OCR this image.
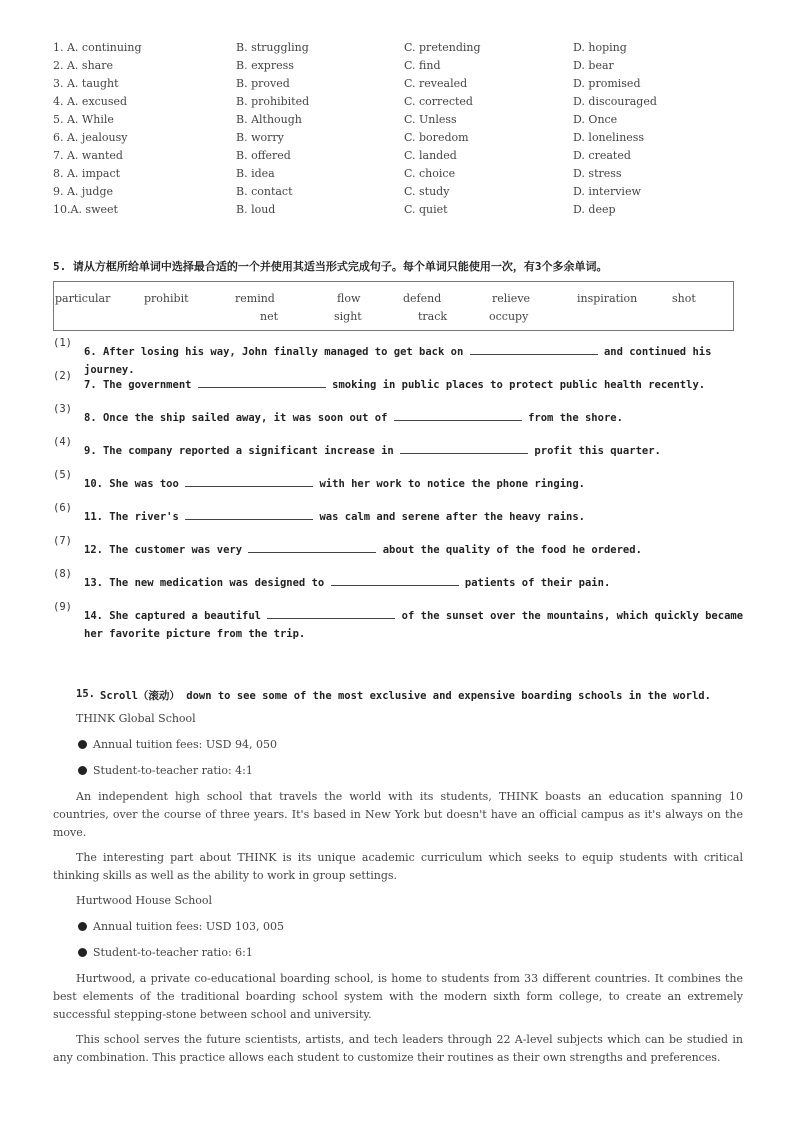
1. A. continuing	B. struggling	C. pretending	D. hoping
2. A. share	B. express	C. find	D. bear
3. A. taught	B. proved	C. revealed	D. promised
4. A. excused	B. prohibited	C. corrected	D. discouraged
5. A. While	B. Although	C. Unless	D. Once
6. A. jealousy	B. worry	C. boredom	D. loneliness
7. A. wanted	B. offered	C. landed	D. created
8. A. impact	B. idea	C. choice	D. stress
9. A. judge	B. contact	C. study	D. interview
10.A. sweet	B. loud	C. quiet	D. deep
5. 请从方框所给单词中选择最合适的一个并使用其适当形式完成句子。每个单词只能使用一次，有3个多余单词。
particular	prohibit	remind	flow	defend	relieve	inspiration	shot
net	sight	track	occupy
(1)
6. After losing his way, John finally managed to get back on	and continued his journey.
(2)
7. The government	smoking in public places to protect public health recently.
(3)
8. Once the ship sailed away, it was soon out of	from the shore.
(4)
9. The company reported a significant increase in	profit this quarter.
(5)
10. She was too	with her work to notice the phone ringing.
(6)
11. The river's	was calm and serene after the heavy rains.
(7)
12. The customer was very	about the quality of the food he ordered.
(8)
13. The new medication was designed to	patients of their pain.
(9)
14. She captured a beautiful	of the sunset over the mountains, which quickly became her favorite picture from the trip.
15. Scroll（滚动） down to see some of the most exclusive and expensive boarding schools in the world.
THINK Global School
Annual tuition fees: USD 94, 050
Student-to-teacher ratio: 4:1
An independent high school that travels the world with its students, THINK boasts an education spanning 10 countries, over the course of three years. It's based in New York but doesn't have an official campus as it's always on the move.
The interesting part about THINK is its unique academic curriculum which seeks to equip students with critical thinking skills as well as the ability to work in group settings.
Hurtwood House School
Annual tuition fees: USD 103, 005
Student-to-teacher ratio: 6:1
Hurtwood, a private co-educational boarding school, is home to students from 33 different countries. It combines the best elements of the traditional boarding school system with the modern sixth form college, to create an extremely successful stepping-stone between school and university.
This school serves the future scientists, artists, and tech leaders through 22 A-level subjects which can be studied in any combination. This practice allows each student to customize their routines as their own strengths and preferences.
